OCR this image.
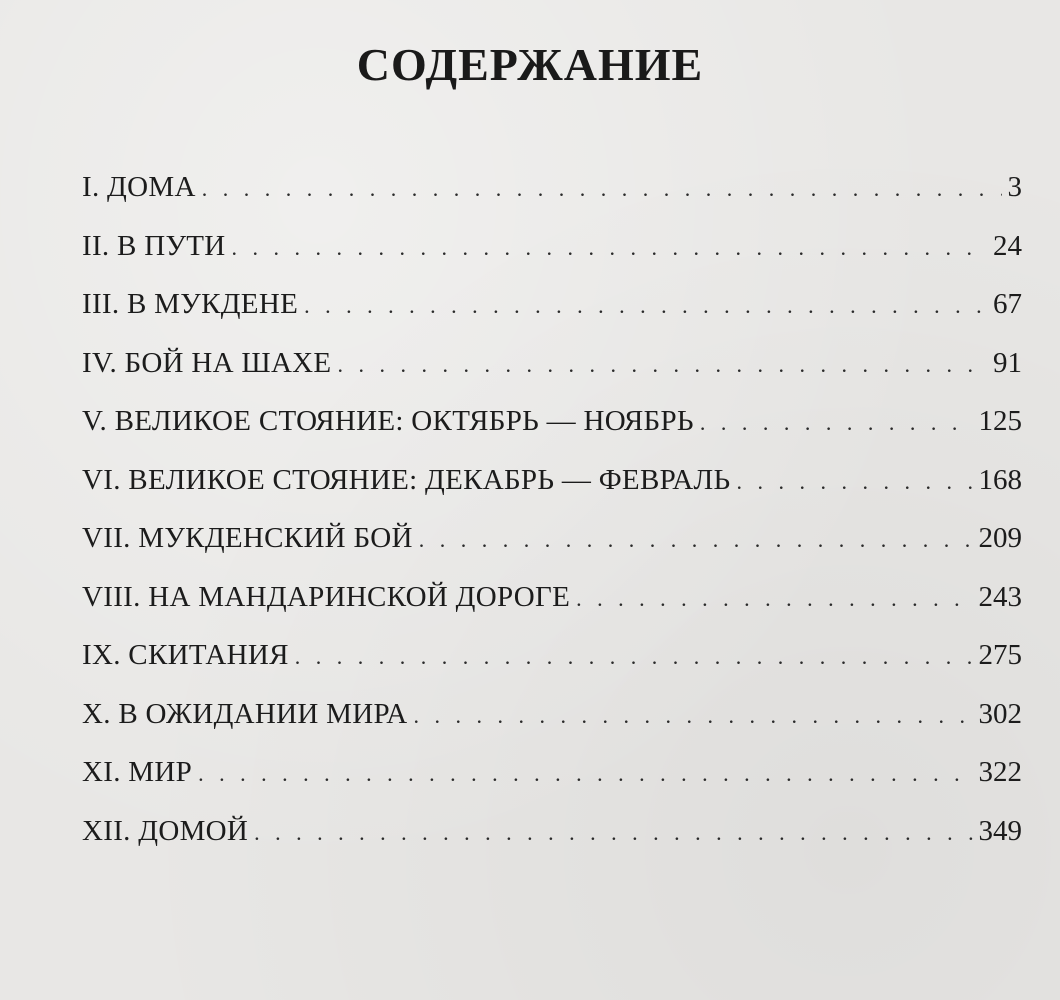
СОДЕРЖАНИЕ
I. ДОМА . . .	3
II. В ПУТИ . . .	24
III. В МУКДЕНЕ . . .	67
IV. БОЙ НА ШАХЕ . . .	91
V. ВЕЛИКОЕ СТОЯНИЕ: ОКТЯБРЬ — НОЯБРЬ . . .	125
VI. ВЕЛИКОЕ СТОЯНИЕ: ДЕКАБРЬ — ФЕВРАЛЬ . . .	168
VII. МУКДЕНСКИЙ БОЙ . . .	209
VIII. НА МАНДАРИНСКОЙ ДОРОГЕ . . .	243
IX. СКИТАНИЯ . . .	275
X. В ОЖИДАНИИ МИРА . . .	302
XI. МИР . . .	322
XII. ДОМОЙ . . .	349
